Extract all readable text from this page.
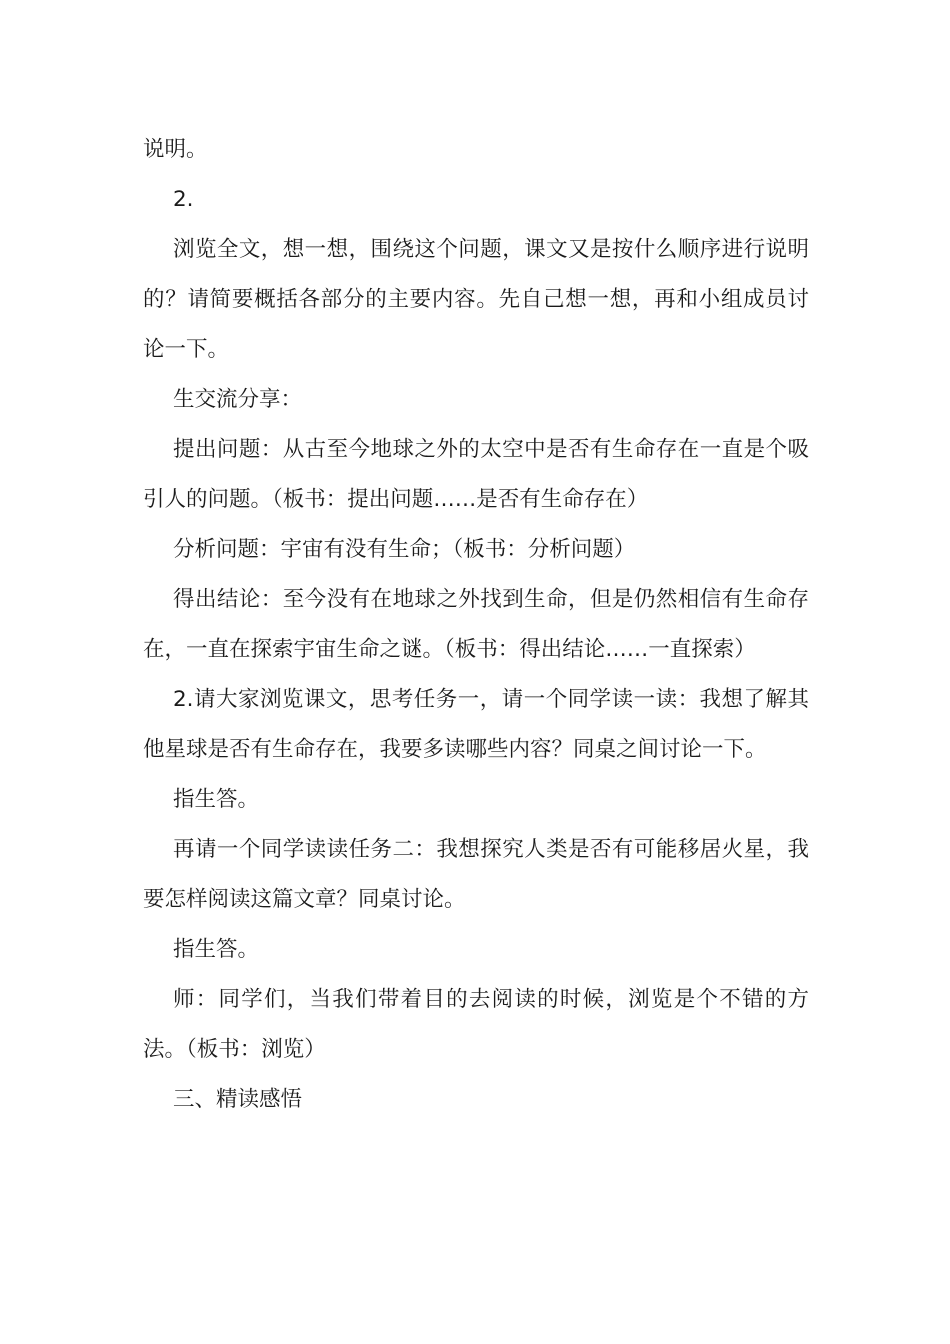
说明。

2.

浏览全文，想一想，围绕这个问题，课文又是按什么顺序进行说明的？请简要概括各部分的主要内容。先自己想一想，再和小组成员讨论一下。

生交流分享：

提出问题：从古至今地球之外的太空中是否有生命存在一直是个吸引人的问题。（板书：提出问题……是否有生命存在）

分析问题：宇宙有没有生命；（板书：分析问题）

得出结论：至今没有在地球之外找到生命，但是仍然相信有生命存在，一直在探索宇宙生命之谜。（板书：得出结论……一直探索）

2.请大家浏览课文，思考任务一，请一个同学读一读：我想了解其他星球是否有生命存在，我要多读哪些内容？同桌之间讨论一下。

指生答。

再请一个同学读读任务二：我想探究人类是否有可能移居火星，我要怎样阅读这篇文章？同桌讨论。

指生答。

师：同学们，当我们带着目的去阅读的时候，浏览是个不错的方法。（板书：浏览）

三、精读感悟
